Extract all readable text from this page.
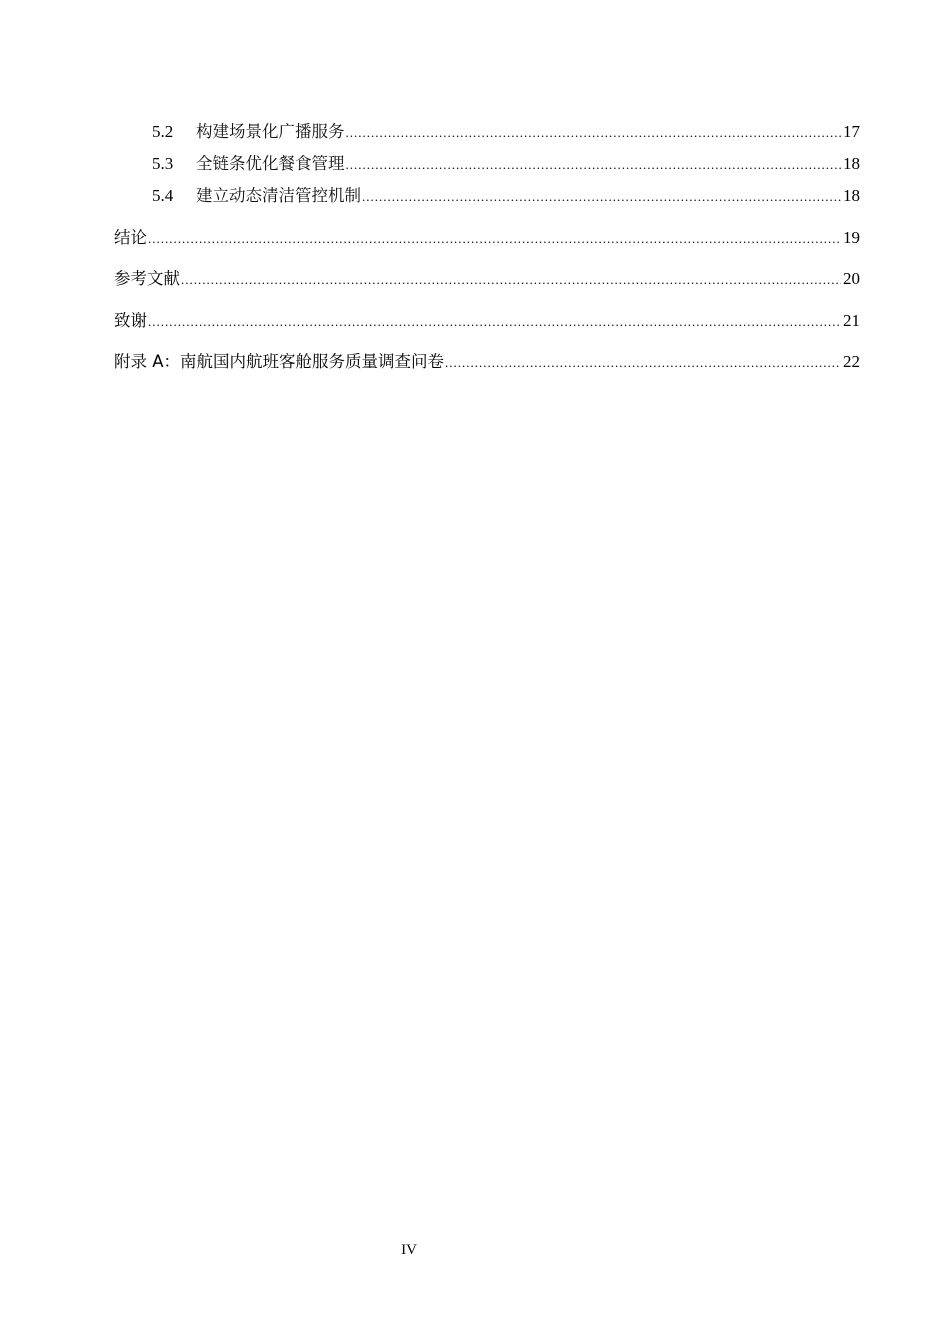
5.2	构建场景化广播服务 .....	17
5.3	全链条优化餐食管理 .....	18
5.4	建立动态清洁管控机制 .....	18
结论 .....	19
参考文献 .....	20
致谢 .....	21
附录 A：南航国内航班客舱服务质量调查问卷 .....	22
IV
